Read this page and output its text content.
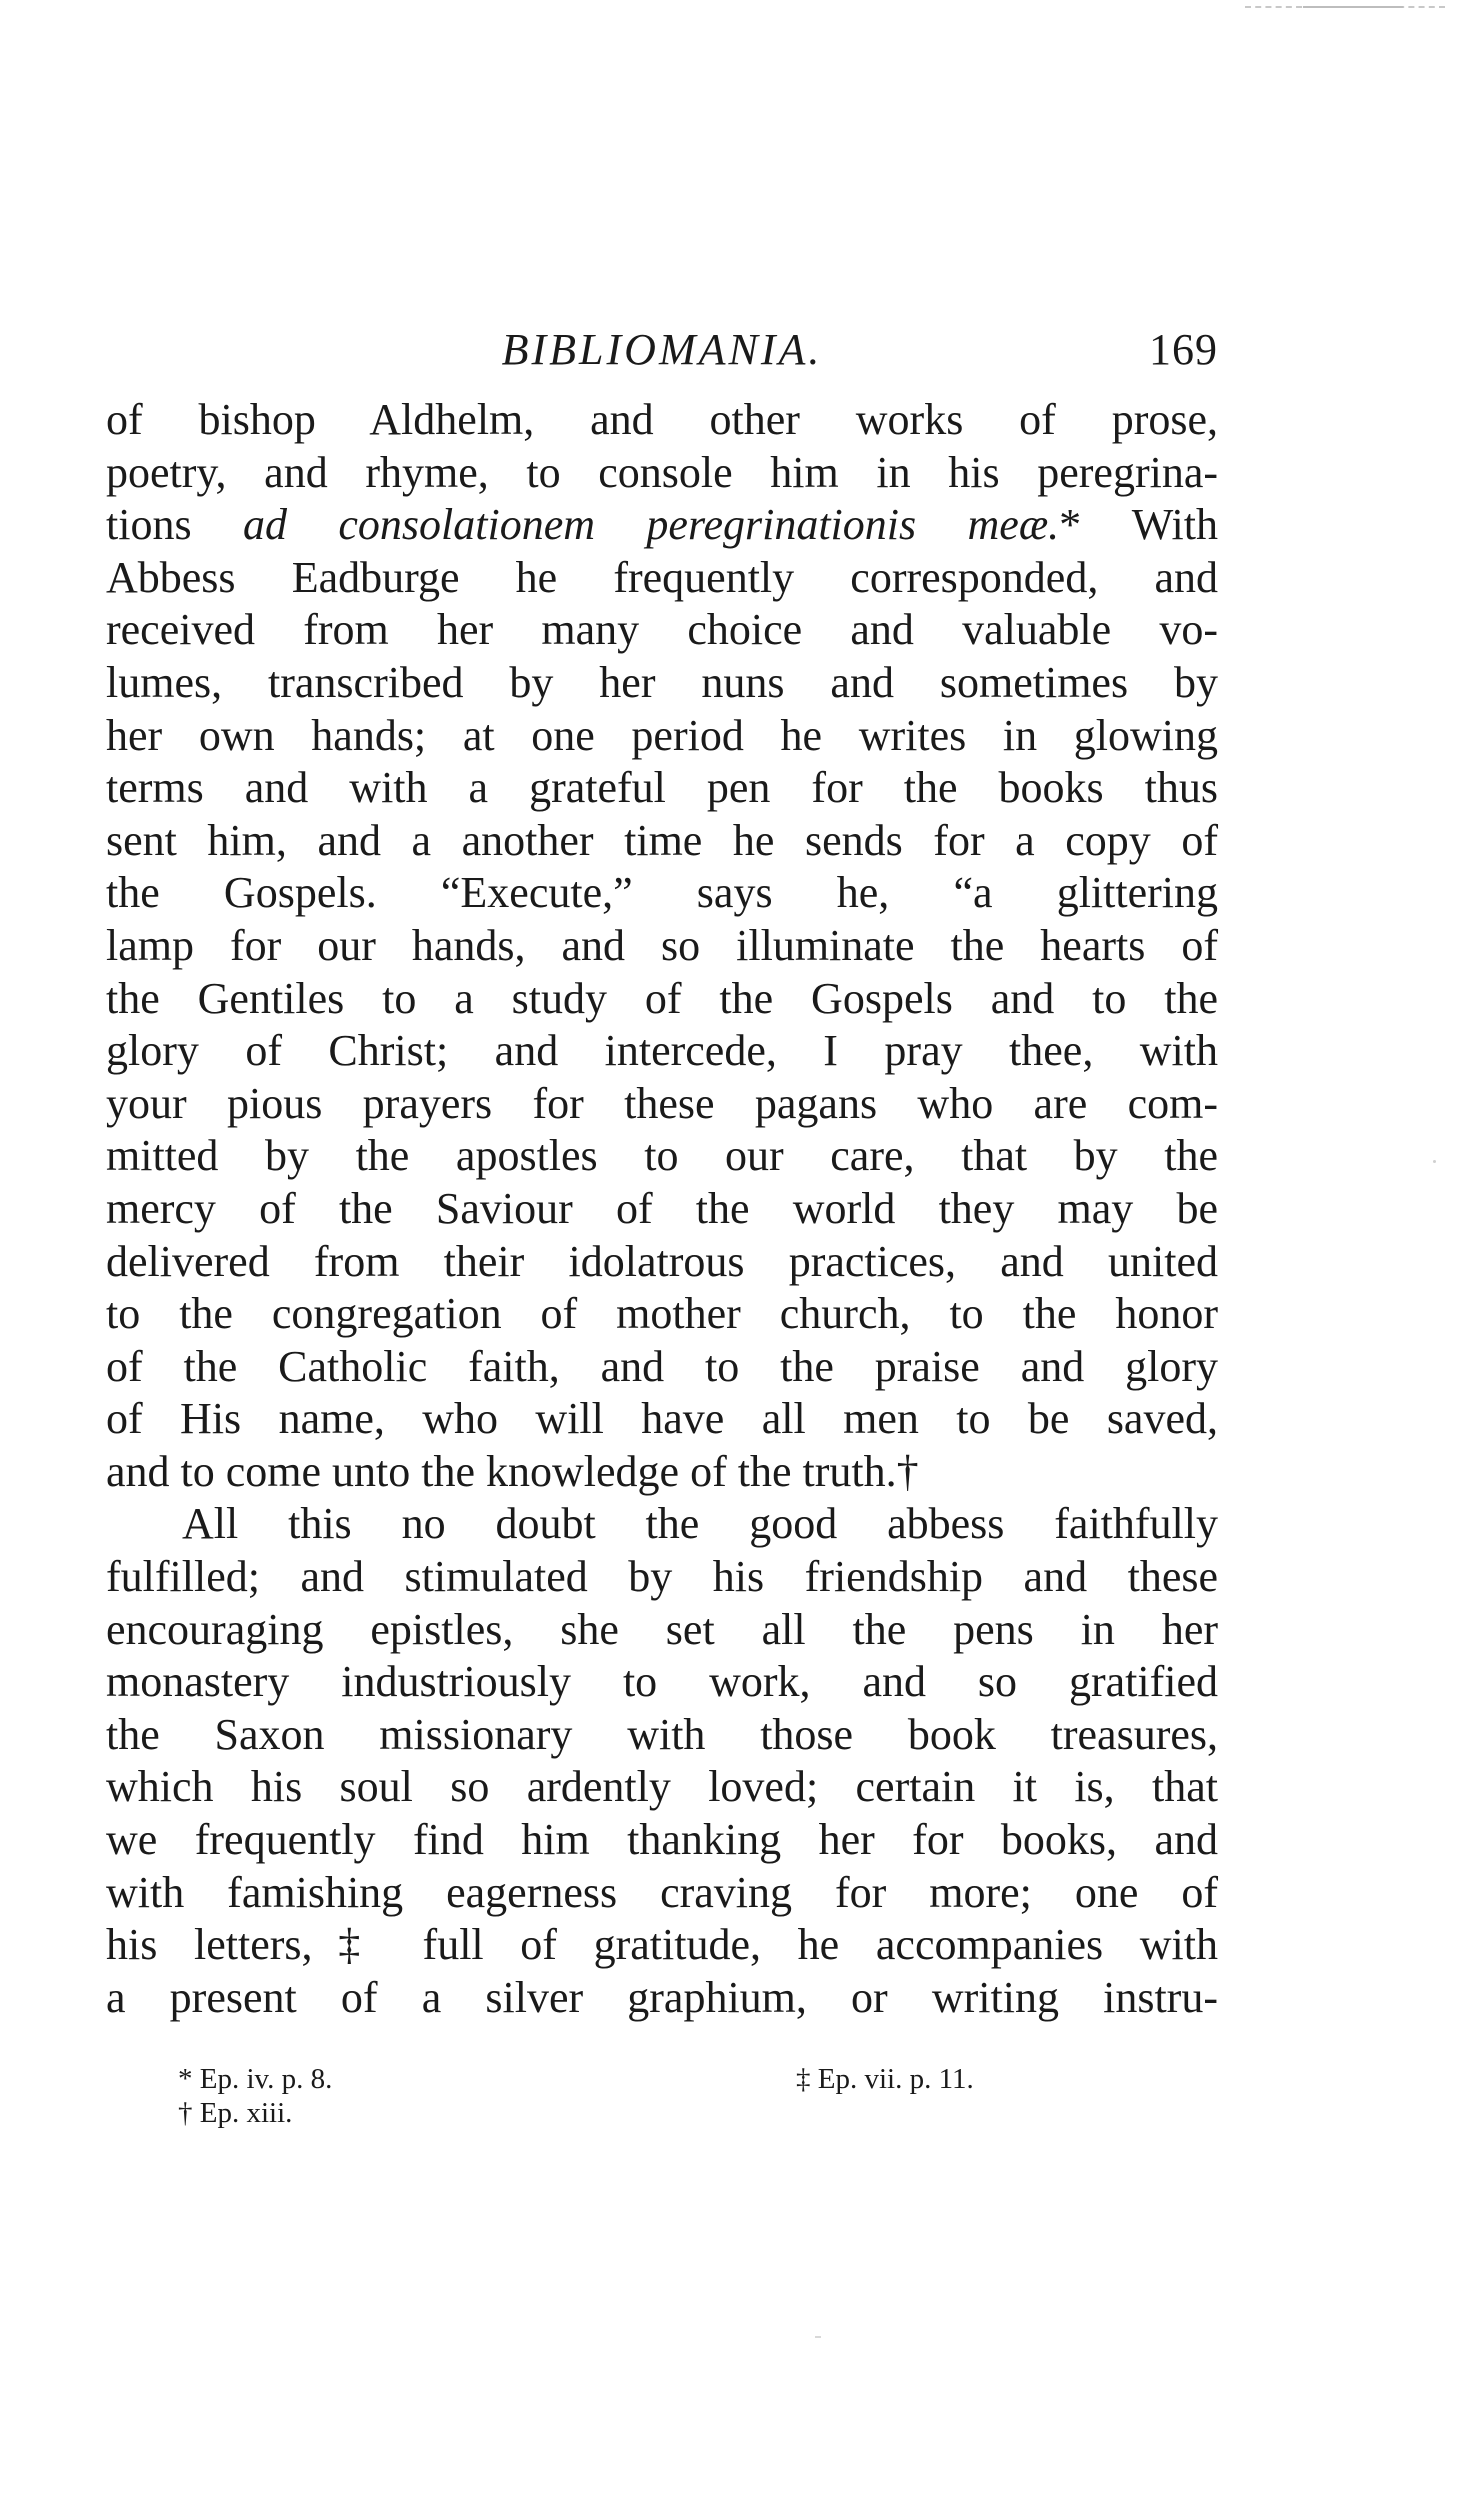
BIBLIOMANIA.	169
of bishop Aldhelm, and other works of prose,
poetry, and rhyme, to console him in his peregrina-
tions ad consolationem peregrinationis meæ.* With
Abbess Eadburge he frequently corresponded, and
received from her many choice and valuable vo-
lumes, transcribed by her nuns and sometimes by
her own hands; at one period he writes in glowing
terms and with a grateful pen for the books thus
sent him, and a another time he sends for a copy of
the Gospels. “Execute,” says he, “a glittering
lamp for our hands, and so illuminate the hearts of
the Gentiles to a study of the Gospels and to the
glory of Christ; and intercede, I pray thee, with
your pious prayers for these pagans who are com-
mitted by the apostles to our care, that by the
mercy of the Saviour of the world they may be
delivered from their idolatrous practices, and united
to the congregation of mother church, to the honor
of the Catholic faith, and to the praise and glory
of His name, who will have all men to be saved,
and to come unto the knowledge of the truth.†
All this no doubt the good abbess faithfully
fulfilled; and stimulated by his friendship and these
encouraging epistles, she set all the pens in her
monastery industriously to work, and so gratified
the Saxon missionary with those book treasures,
which his soul so ardently loved; certain it is, that
we frequently find him thanking her for books, and
with famishing eagerness craving for more; one of
his letters,‡ full of gratitude, he accompanies with
a present of a silver graphium, or writing instru-
* Ep. iv. p. 8.
† Ep. xiii.
‡ Ep. vii. p. 11.
